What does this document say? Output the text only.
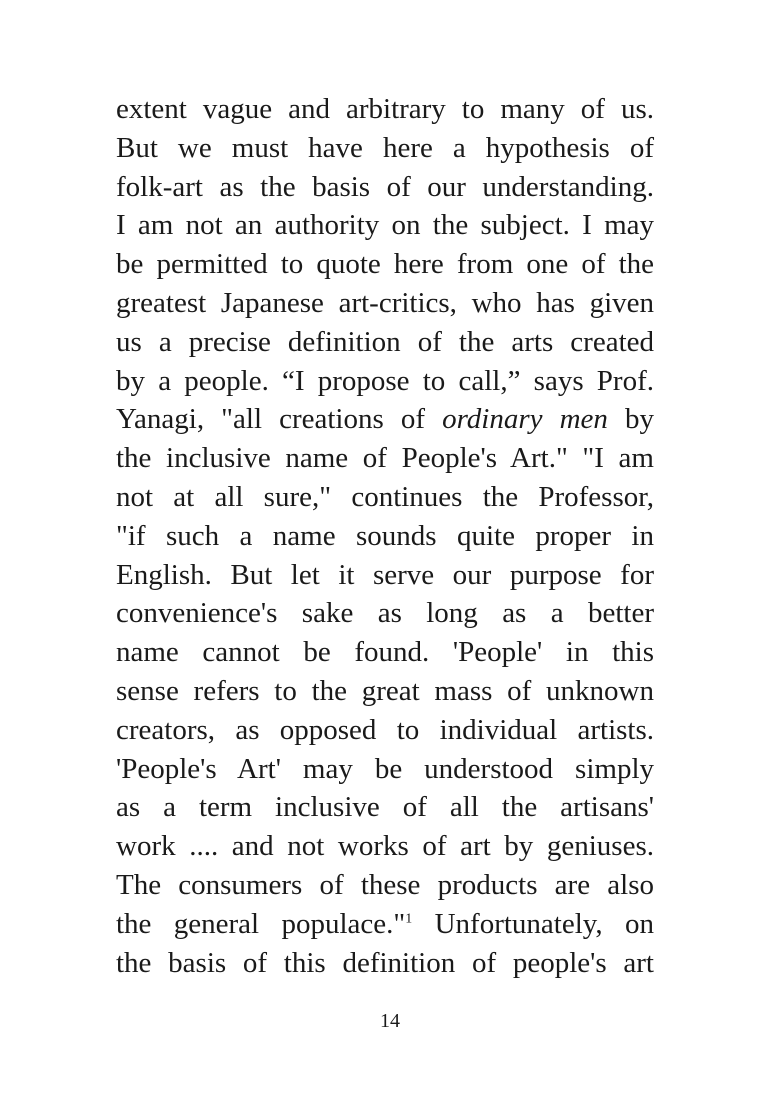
extent vague and arbitrary to many of us.
But we must have here a hypothesis of
folk-art as the basis of our understanding.
I am not an authority on the subject. I may
be permitted to quote here from one of the
greatest Japanese art-critics, who has given
us a precise definition of the arts created
by a people. “I propose to call,” says Prof.
Yanagi, "all creations of ordinary men by
the inclusive name of People's Art." "I am
not at all sure," continues the Professor,
"if such a name sounds quite proper in
English. But let it serve our purpose for
convenience's sake as long as a better
name cannot be found. 'People' in this
sense refers to the great mass of unknown
creators, as opposed to individual artists.
'People's Art' may be understood simply
as a term inclusive of all the artisans'
work .... and not works of art by geniuses.
The consumers of these products are also
the general populace."$^1$ Unfortunately, on
the basis of this definition of people's art
14
